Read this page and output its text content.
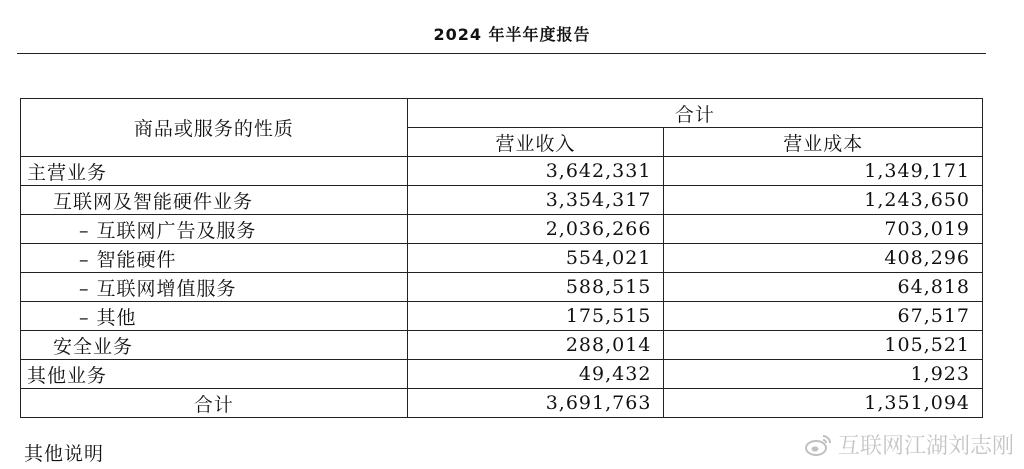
2024 年半年度报告
商品或服务的性质	合计	
	营业收入	营业成本
主营业务	3,642,331	1,349,171
互联网及智能硬件业务	3,354,317	1,243,650
– 互联网广告及服务	2,036,266	703,019
– 智能硬件	554,021	408,296
– 互联网增值服务	588,515	64,818
– 其他	175,515	67,517
安全业务	288,014	105,521
其他业务	49,432	1,923
合计	3,691,763	1,351,094
其他说明	互联网江湖刘志刚
